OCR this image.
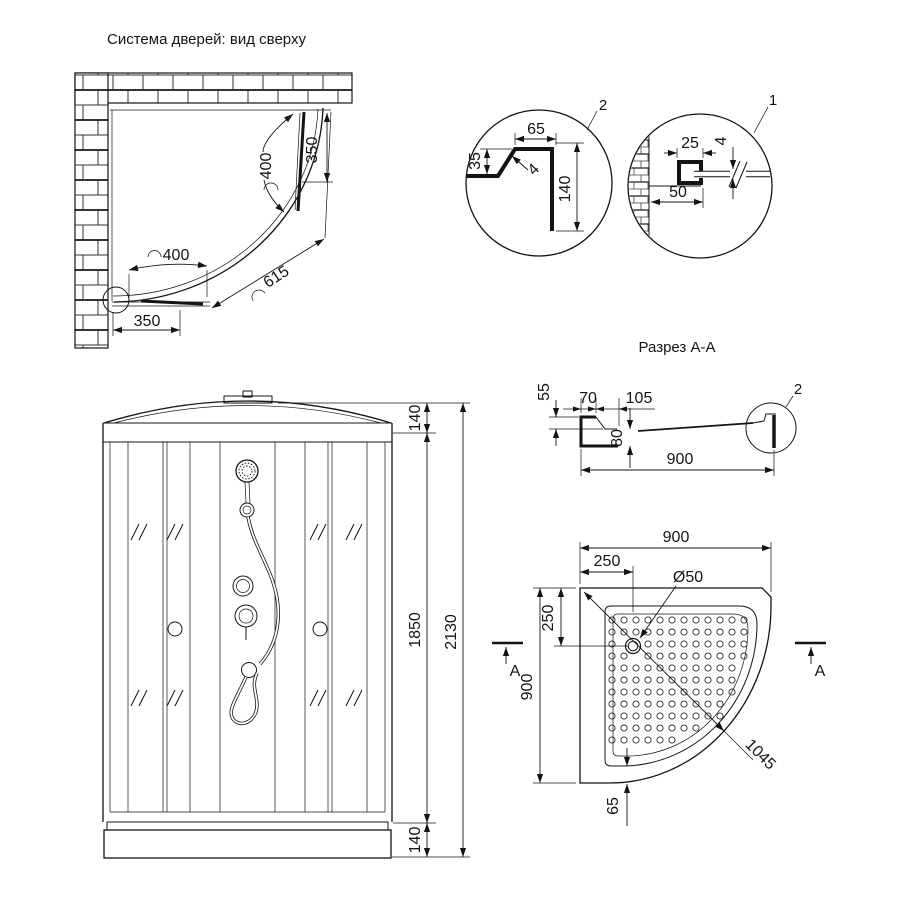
Система дверей: вид сверху
400
350
400
350
615
2
65
35	4
140
1
25 4
50
Разрез А-А
2
55 70 105
80
900
140
1850
140
2130
1045
900
250
Ø50
250
900
65
A	A
